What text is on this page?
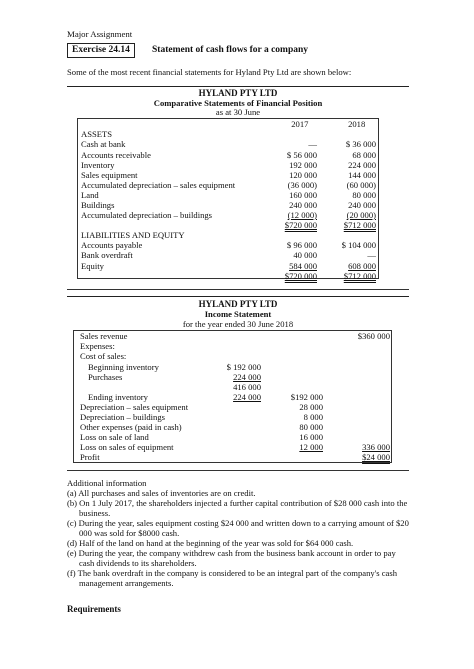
Major Assignment
Exercise 24.14	Statement of cash flows for a company
Some of the most recent financial statements for Hyland Pty Ltd are shown below:
HYLAND PTY LTD
Comparative Statements of Financial Position
as at 30 June
	2017	2018
ASSETS		
Cash at bank	—	$ 36 000
Accounts receivable	$ 56 000	68 000
Inventory	192 000	224 000
Sales equipment	120 000	144 000
Accumulated depreciation – sales equipment	(36 000)	(60 000)
Land	160 000	80 000
Buildings	240 000	240 000
Accumulated depreciation – buildings	(12 000)	(20 000)
	$720 000	$712 000
LIABILITIES AND EQUITY		
Accounts payable	$ 96 000	$ 104 000
Bank overdraft	40 000	—
Equity	584 000	608 000
	$720 000	$712 000
HYLAND PTY LTD
Income Statement
for the year ended 30 June 2018
Sales revenue			$360 000
Expenses:			
Cost of sales:			
Beginning inventory	$ 192 000		
Purchases	224 000		
	416 000		
Ending inventory	224 000	$192 000	
Depreciation – sales equipment		28 000	
Depreciation – buildings		8 000	
Other expenses (paid in cash)		80 000	
Loss on sale of land		16 000	
Loss on sales of equipment		12 000	336 000
Profit			$24 000
Additional information
(a) All purchases and sales of inventories are on credit.
(b) On 1 July 2017, the shareholders injected a further capital contribution of $28 000 cash into the business.
(c) During the year, sales equipment costing $24 000 and written down to a carrying amount of $20 000 was sold for $8000 cash.
(d) Half of the land on hand at the beginning of the year was sold for $64 000 cash.
(e) During the year, the company withdrew cash from the business bank account in order to pay cash dividends to its shareholders.
(f) The bank overdraft in the company is considered to be an integral part of the company's cash management arrangements.
Requirements
